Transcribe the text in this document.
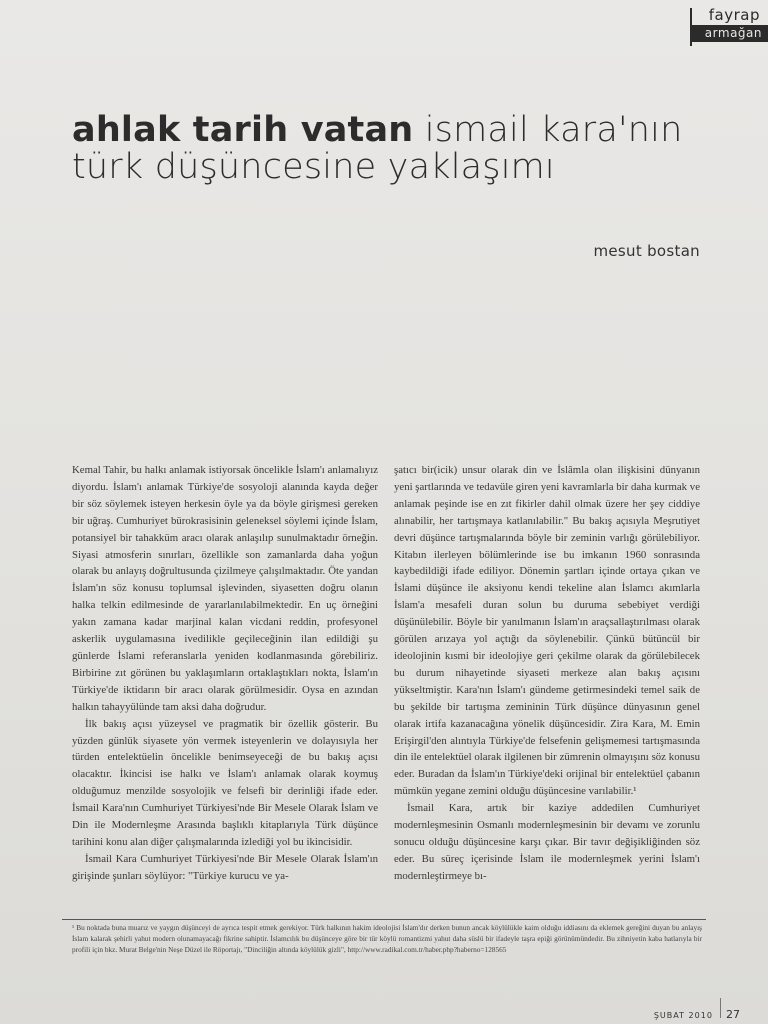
fayrap
armağan
ahlak tarih vatan ismail kara'nın türk düşüncesine yaklaşımı
mesut bostan

Kemal Tahir, bu halkı anlamak istiyorsak öncelikle İslam'ı anlamalıyız diyordu. İslam'ı anlamak Türkiye'de sosyoloji alanında kayda değer bir söz söylemek isteyen herkesin öyle ya da böyle girişmesi gereken bir uğraş. Cumhuriyet bürokrasisinin geleneksel söylemi içinde İslam, potansiyel bir tahakküm aracı olarak anlaşılıp sunulmaktadır örneğin. Siyasi atmosferin sınırları, özellikle son zamanlarda daha yoğun olarak bu anlayış doğrultusunda çizilmeye çalışılmaktadır. Öte yandan İslam'ın söz konusu toplumsal işlevinden, siyasetten doğru olanın halka telkin edilmesinde de yararlanılabilmektedir. En uç örneğini yakın zamana kadar marjinal kalan vicdani reddin, profesyonel askerlik uygulamasına ivedilikle geçileceğinin ilan edildiği şu günlerde İslami referanslarla yeniden kodlanmasında görebiliriz. Birbirine zıt görünen bu yaklaşımların ortaklaştıkları nokta, İslam'ın Türkiye'de iktidarın bir aracı olarak görülmesidir. Oysa en azından halkın tahayyülünde tam aksi daha doğrudur.

İlk bakış açısı yüzeysel ve pragmatik bir özellik gösterir. Bu yüzden günlük siyasete yön vermek isteyenlerin ve dolayısıyla her türden entelektüelin öncelikle benimseyeceği de bu bakış açısı olacaktır. İkincisi ise halkı ve İslam'ı anlamak olarak koymuş olduğumuz menzilde sosyolojik ve felsefi bir derinliği ifade eder. İsmail Kara'nın Cumhuriyet Türkiyesi'nde Bir Mesele Olarak İslam ve Din ile Modernleşme Arasında başlıklı kitaplarıyla Türk düşünce tarihini konu alan diğer çalışmalarında izlediği yol bu ikincisidir.

İsmail Kara Cumhuriyet Türkiyesi'nde Bir Mesele Olarak İslam'ın girişinde şunları söylüyor: "Türkiye kurucu ve ya-

şatıcı bir(icik) unsur olarak din ve İslâmla olan ilişkisini dünyanın yeni şartlarında ve tedavüle giren yeni kavramlarla bir daha kurmak ve anlamak peşinde ise en zıt fikirler dahil olmak üzere her şey ciddiye alınabilir, her tartışmaya katlanılabilir." Bu bakış açısıyla Meşrutiyet devri düşünce tartışmalarında böyle bir zeminin varlığı görülebiliyor. Kitabın ilerleyen bölümlerinde ise bu imkanın 1960 sonrasında kaybedildiği ifade ediliyor. Dönemin şartları içinde ortaya çıkan ve İslami düşünce ile aksiyonu kendi tekeline alan İslamcı akımlarla İslam'a mesafeli duran solun bu duruma sebebiyet verdiği düşünülebilir. Böyle bir yanılmanın İslam'ın araçsallaştırılması olarak görülen arızaya yol açtığı da söylenebilir. Çünkü bütüncül bir ideolojinin kısmi bir ideolojiye geri çekilme olarak da görülebilecek bu durum nihayetinde siyaseti merkeze alan bakış açısını yükseltmiştir. Kara'nın İslam'ı gündeme getirmesindeki temel saik de bu şekilde bir tartışma zemininin Türk düşünce dünyasının genel olarak irtifa kazanacağına yönelik düşüncesidir. Zira Kara, M. Emin Erişirgil'den alıntıyla Türkiye'de felsefenin gelişmemesi tartışmasında din ile entelektüel olarak ilgilenen bir zümrenin olmayışını söz konusu eder. Buradan da İslam'ın Türkiye'deki orijinal bir entelektüel çabanın mümkün yegane zemini olduğu düşüncesine varılabilir.¹

İsmail Kara, artık bir kaziye addedilen Cumhuriyet modernleşmesinin Osmanlı modernleşmesinin bir devamı ve zorunlu sonucu olduğu düşüncesine karşı çıkar. Bir tavır değişikliğinden söz eder. Bu süreç içerisinde İslam ile modernleşmek yerini İslam'ı modernleştirmeye bı-

¹ Bu noktada buna muarız ve yaygın düşünceyi de ayrıca tespit etmek gerekiyor. Türk halkının hakim ideolojisi İslam'dır derken bunun ancak köylülükle kaim olduğu iddiasını da eklemek gereğini duyan bu anlayış İslam kalarak şehirli yahut modern olunamayacağı fikrine sahiptir. İslamcılık bu düşünceye göre bir tür köylü romantizmi yahut daha süslü bir ifadeyle taşra epiği görünümündedir. Bu zihniyetin kaba hatlarıyla bir profili için bkz. Murat Belge'nin Neşe Düzel ile Röportajı, "Dinciliğin altında köylülük gizli", http://www.radikal.com.tr/haber.php?haberno=128565
ŞUBAT 2010 27
